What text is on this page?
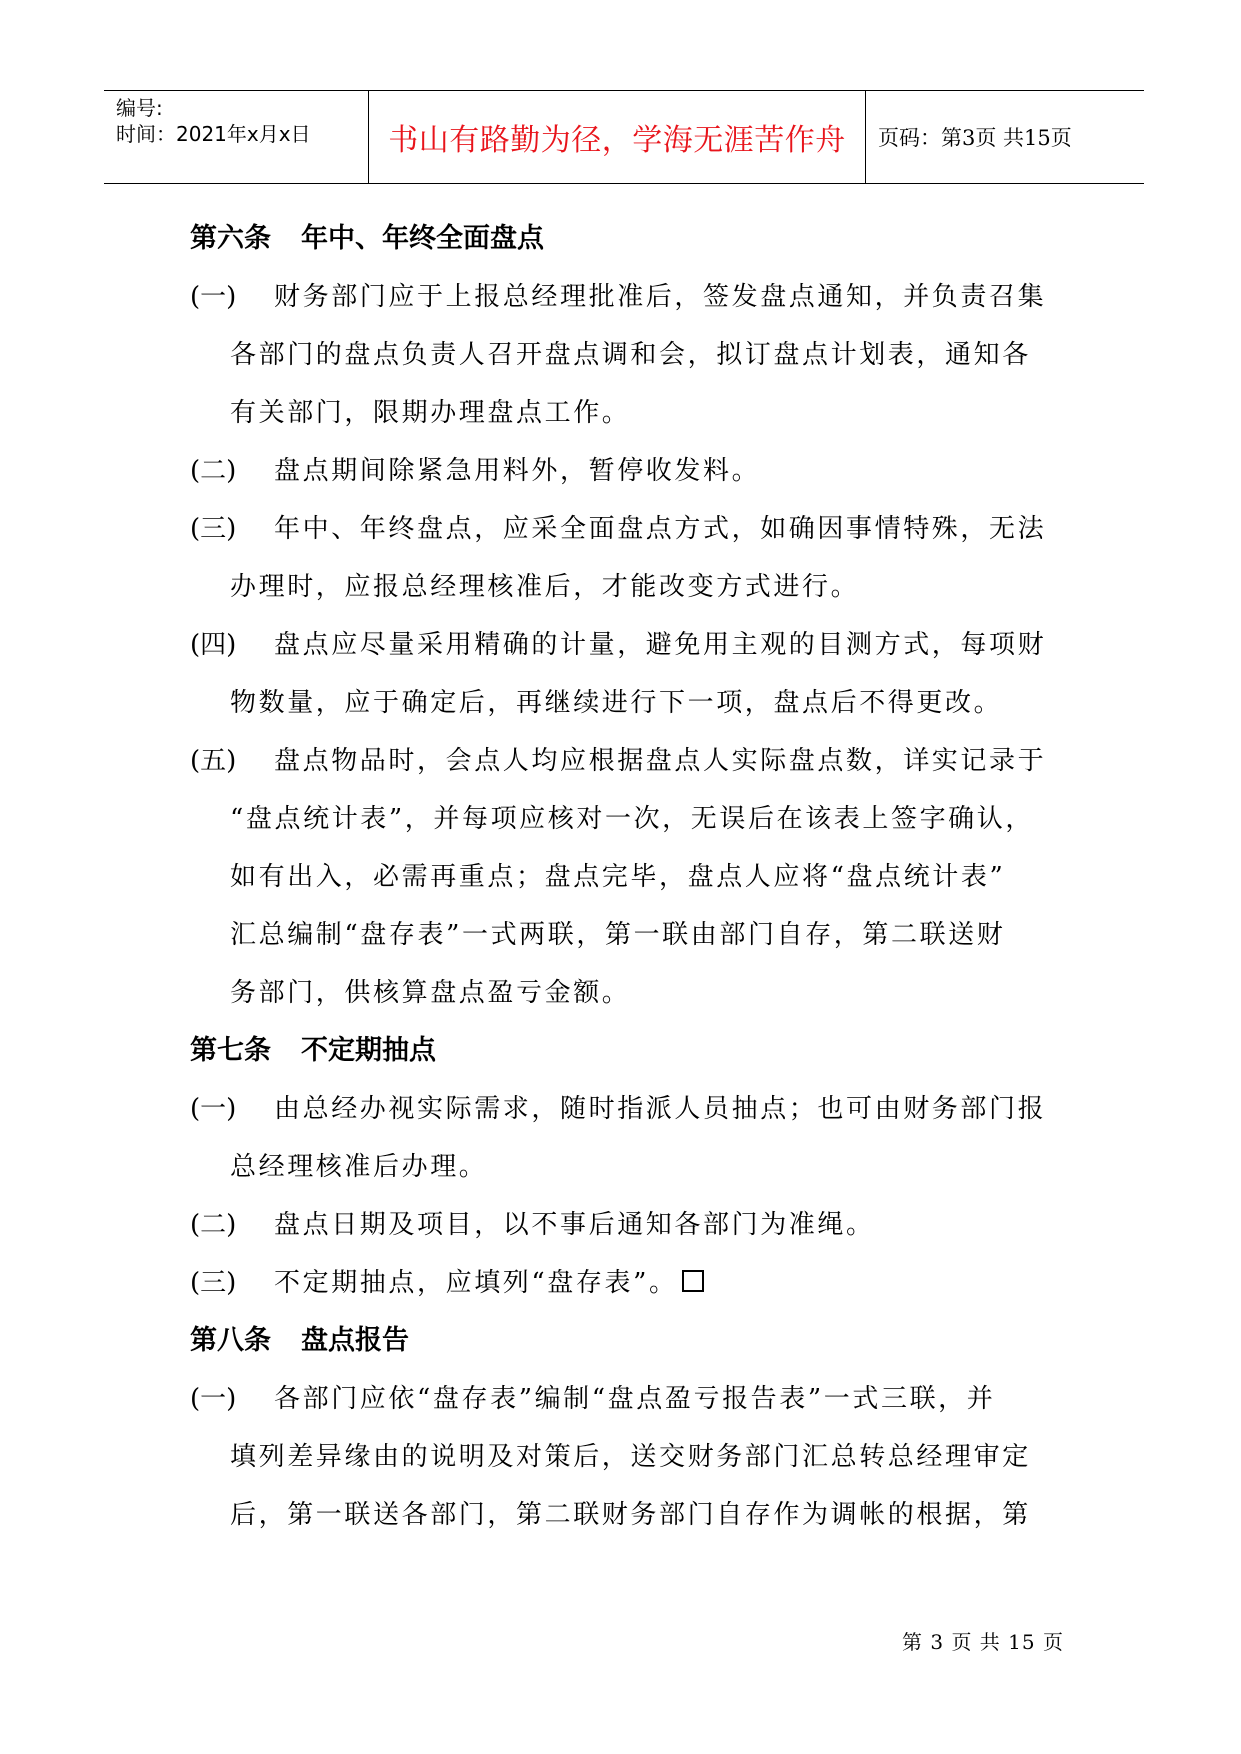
编号:
时间：2021年x月x日	书山有路勤为径，学海无涯苦作舟	页码：第3页 共15页
第六条 年中、年终全面盘点
(一)	财务部门应于上报总经理批准后，签发盘点通知，并负责召集
各部门的盘点负责人召开盘点调和会，拟订盘点计划表，通知各
有关部门，限期办理盘点工作。
(二)	盘点期间除紧急用料外，暂停收发料。
(三)	年中、年终盘点，应采全面盘点方式，如确因事情特殊，无法
办理时，应报总经理核准后，才能改变方式进行。
(四)	盘点应尽量采用精确的计量，避免用主观的目测方式，每项财
物数量，应于确定后，再继续进行下一项，盘点后不得更改。
(五)	盘点物品时，会点人均应根据盘点人实际盘点数，详实记录于
“盘点统计表”，并每项应核对一次，无误后在该表上签字确认，
如有出入，必需再重点；盘点完毕，盘点人应将“盘点统计表”
汇总编制“盘存表”一式两联，第一联由部门自存，第二联送财
务部门，供核算盘点盈亏金额。
第七条 不定期抽点
(一)	由总经办视实际需求，随时指派人员抽点；也可由财务部门报
总经理核准后办理。
(二)	盘点日期及项目，以不事后通知各部门为准绳。
(三)	不定期抽点，应填列“盘存表”。
第八条 盘点报告
(一)	各部门应依“盘存表”编制“盘点盈亏报告表”一式三联，并
填列差异缘由的说明及对策后，送交财务部门汇总转总经理审定
后，第一联送各部门，第二联财务部门自存作为调帐的根据，第
第 3 页 共 15 页
